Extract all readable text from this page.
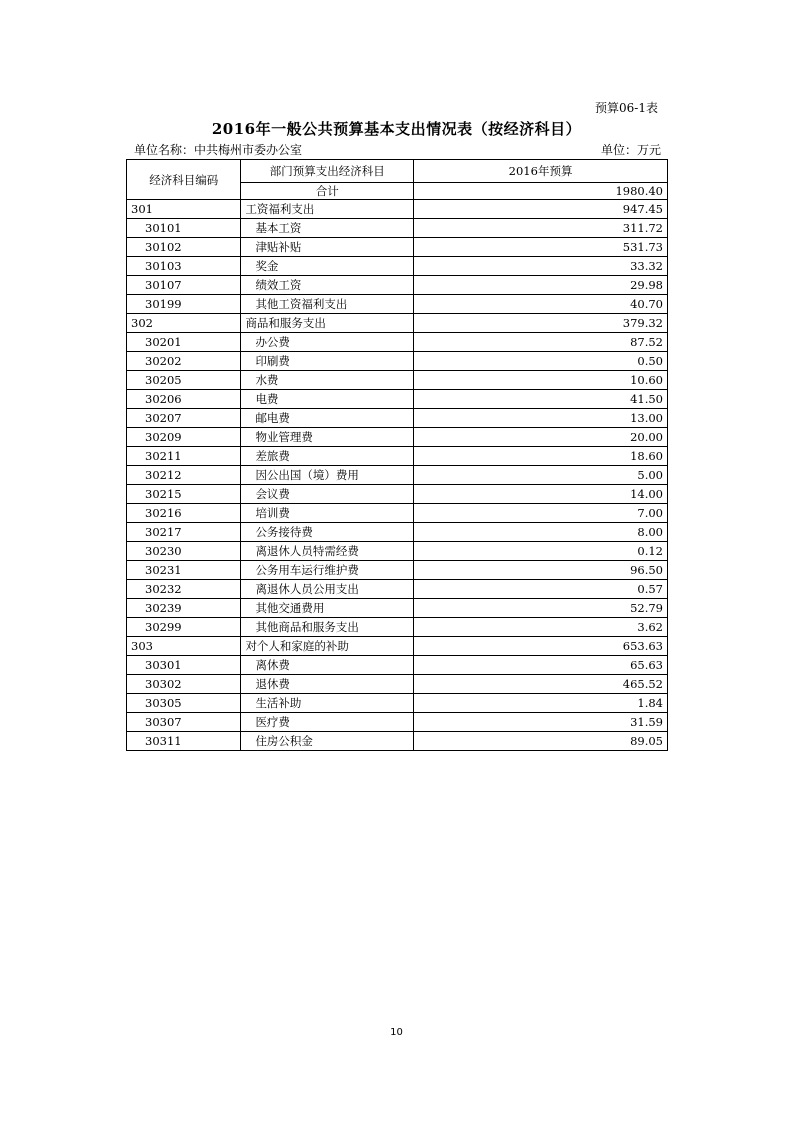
预算06-1表
2016年一般公共预算基本支出情况表（按经济科目）
单位名称：中共梅州市委办公室	单位：万元
经济科目编码	部门预算支出经济科目	2016年预算
	合计	1980.40
301	工资福利支出	947.45
30101	基本工资	311.72
30102	津贴补贴	531.73
30103	奖金	33.32
30107	绩效工资	29.98
30199	其他工资福利支出	40.70
302	商品和服务支出	379.32
30201	办公费	87.52
30202	印刷费	0.50
30205	水费	10.60
30206	电费	41.50
30207	邮电费	13.00
30209	物业管理费	20.00
30211	差旅费	18.60
30212	因公出国（境）费用	5.00
30215	会议费	14.00
30216	培训费	7.00
30217	公务接待费	8.00
30230	离退休人员特需经费	0.12
30231	公务用车运行维护费	96.50
30232	离退休人员公用支出	0.57
30239	其他交通费用	52.79
30299	其他商品和服务支出	3.62
303	对个人和家庭的补助	653.63
30301	离休费	65.63
30302	退休费	465.52
30305	生活补助	1.84
30307	医疗费	31.59
30311	住房公积金	89.05
10
